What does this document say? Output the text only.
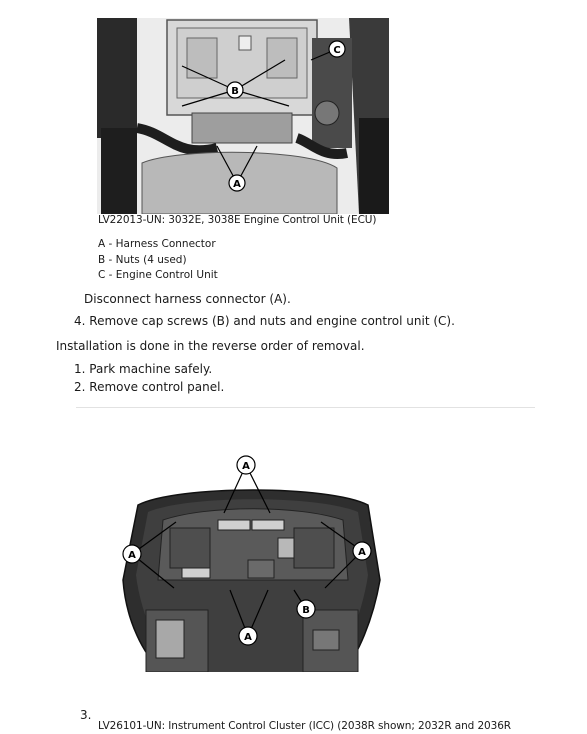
B
C
A
LV22013-UN: 3032E, 3038E Engine Control Unit (ECU)
A - Harness Connector
B - Nuts (4 used)
C - Engine Control Unit
Disconnect harness connector (A).
4. Remove cap screws (B) and nuts and engine control unit (C).
Installation is done in the reverse order of removal.
1. Park machine safely.
2. Remove control panel.
A
A	A
A
B
3.
LV26101-UN: Instrument Control Cluster (ICC) (2038R shown; 2032R and 2036R
